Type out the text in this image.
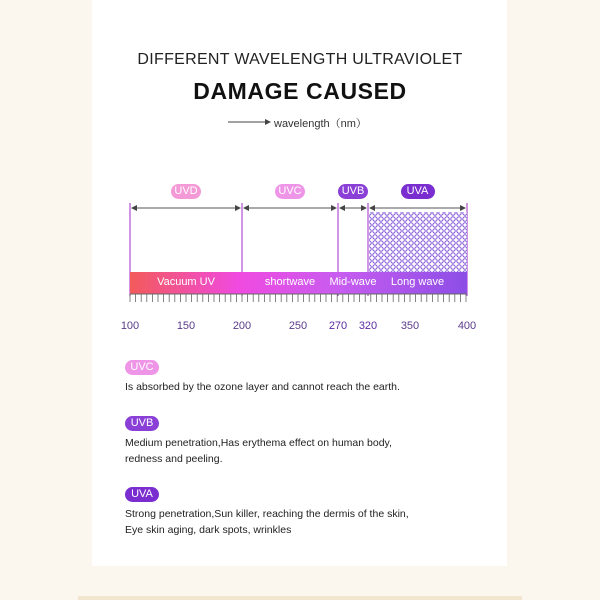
DIFFERENT WAVELENGTH ULTRAVIOLET
DAMAGE CAUSED
wavelength（nm）
UVD	UVC	UVB	UVA
Vacuum UV	shortwave Mid-wave Long wave
100	150	200	250	270	320	350	400
UVC
Is absorbed by the ozone layer and cannot reach the earth.
UVB
Medium penetration,Has erythema effect on human body,
redness and peeling.
UVA
Strong penetration,Sun killer, reaching the dermis of the skin,
Eye skin aging, dark spots, wrinkles
